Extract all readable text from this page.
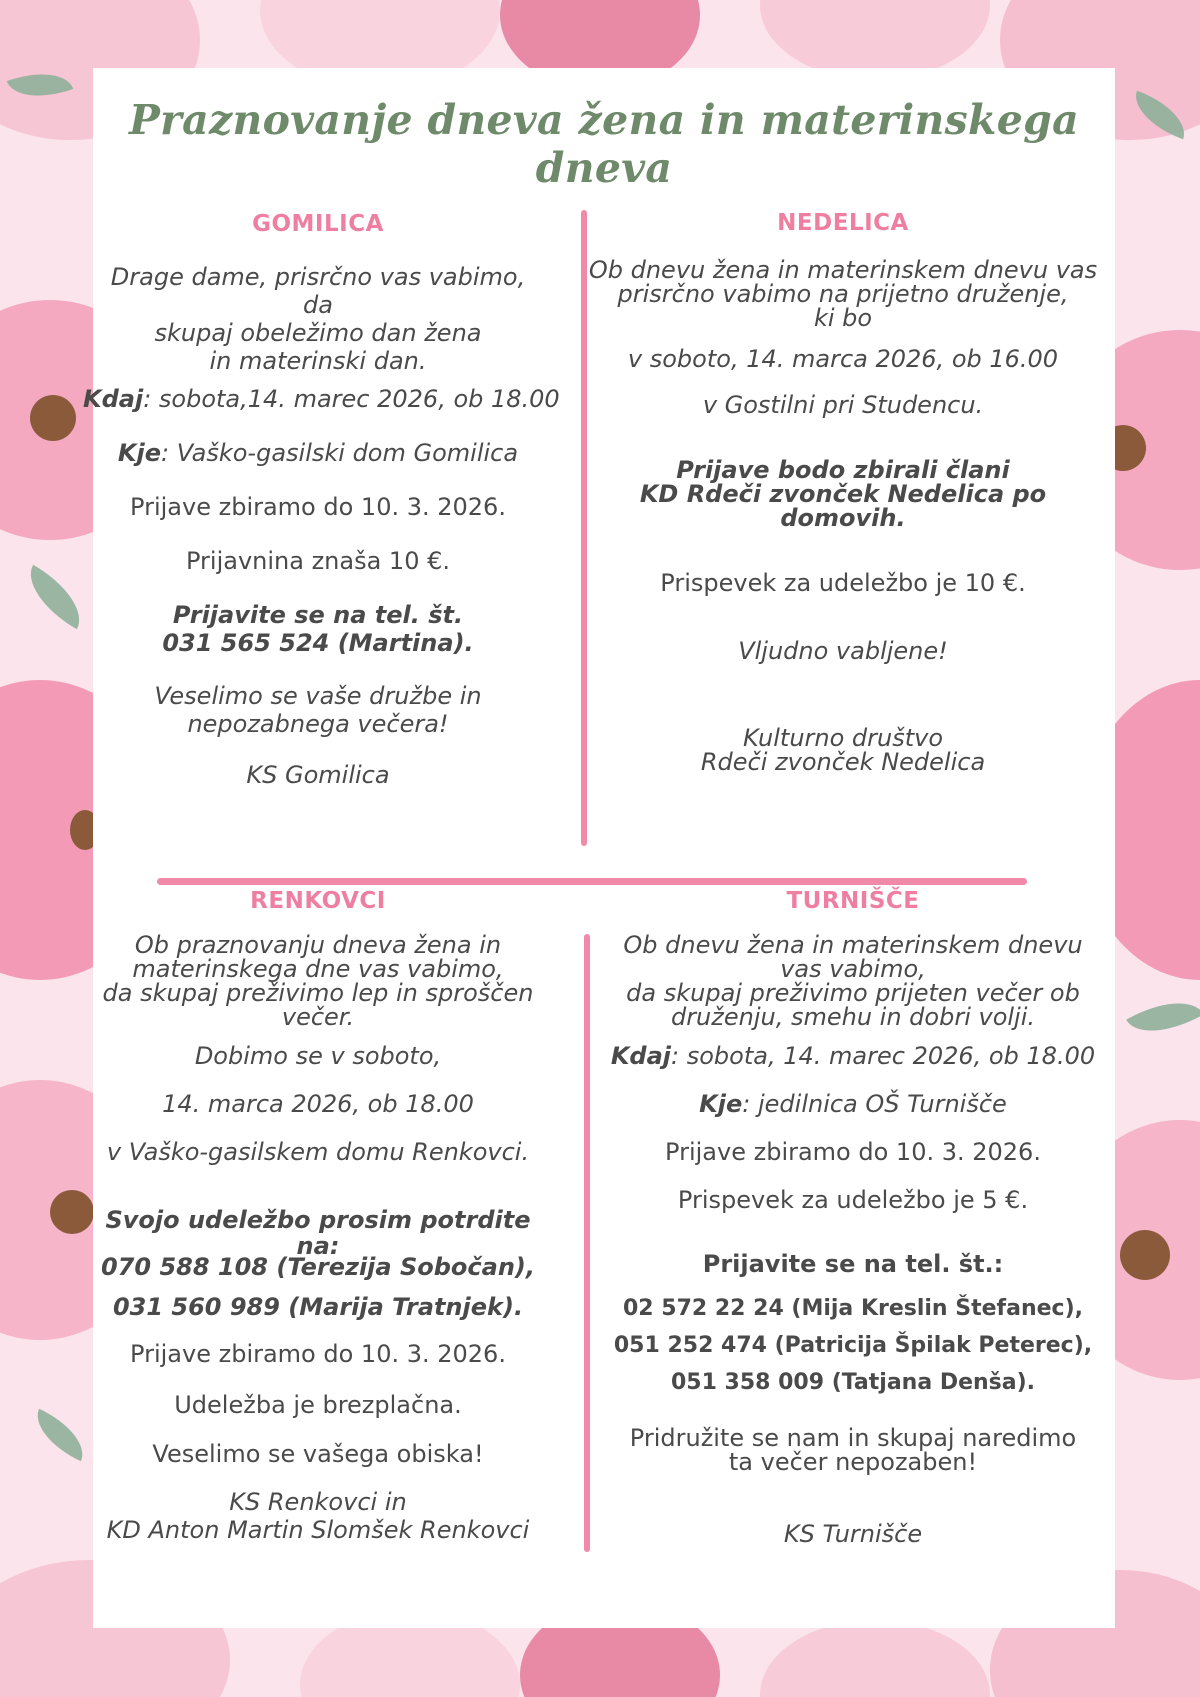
Praznovanje dneva žena in materinskega dneva
GOMILICA
Drage dame, prisrčno vas vabimo, da
skupaj obeležimo dan žena
in materinski dan.
Kdaj: sobota,14. marec 2026, ob 18.00
Kje: Vaško-gasilski dom Gomilica
Prijave zbiramo do 10. 3. 2026.
Prijavnina znaša 10 €.
Prijavite se na tel. št.
031 565 524 (Martina).
Veselimo se vaše družbe in
nepozabnega večera!
KS Gomilica
NEDELICA
Ob dnevu žena in materinskem dnevu vas
prisrčno vabimo na prijetno druženje,
ki bo
v soboto, 14. marca 2026, ob 16.00
v Gostilni pri Studencu.
Prijave bodo zbirali člani
KD Rdeči zvonček Nedelica po
domovih.
Prispevek za udeležbo je 10 €.
Vljudno vabljene!
Kulturno društvo
Rdeči zvonček Nedelica
RENKOVCI
Ob praznovanju dneva žena in
materinskega dne vas vabimo,
da skupaj preživimo lep in sproščen
večer.
Dobimo se v soboto,
14. marca 2026, ob 18.00
v Vaško-gasilskem domu Renkovci.
Svojo udeležbo prosim potrdite na:
070 588 108 (Terezija Sobočan),
031 560 989 (Marija Tratnjek).
Prijave zbiramo do 10. 3. 2026.
Udeležba je brezplačna.
Veselimo se vašega obiska!
KS Renkovci in
KD Anton Martin Slomšek Renkovci
TURNIŠČE
Ob dnevu žena in materinskem dnevu
vas vabimo,
da skupaj preživimo prijeten večer ob
druženju, smehu in dobri volji.
Kdaj: sobota, 14. marec 2026, ob 18.00
Kje: jedilnica OŠ Turnišče
Prijave zbiramo do 10. 3. 2026.
Prispevek za udeležbo je 5 €.
Prijavite se na tel. št.:
02 572 22 24 (Mija Kreslin Štefanec),
051 252 474 (Patricija Špilak Peterec),
051 358 009 (Tatjana Denša).
Pridružite se nam in skupaj naredimo
ta večer nepozaben!
KS Turnišče
